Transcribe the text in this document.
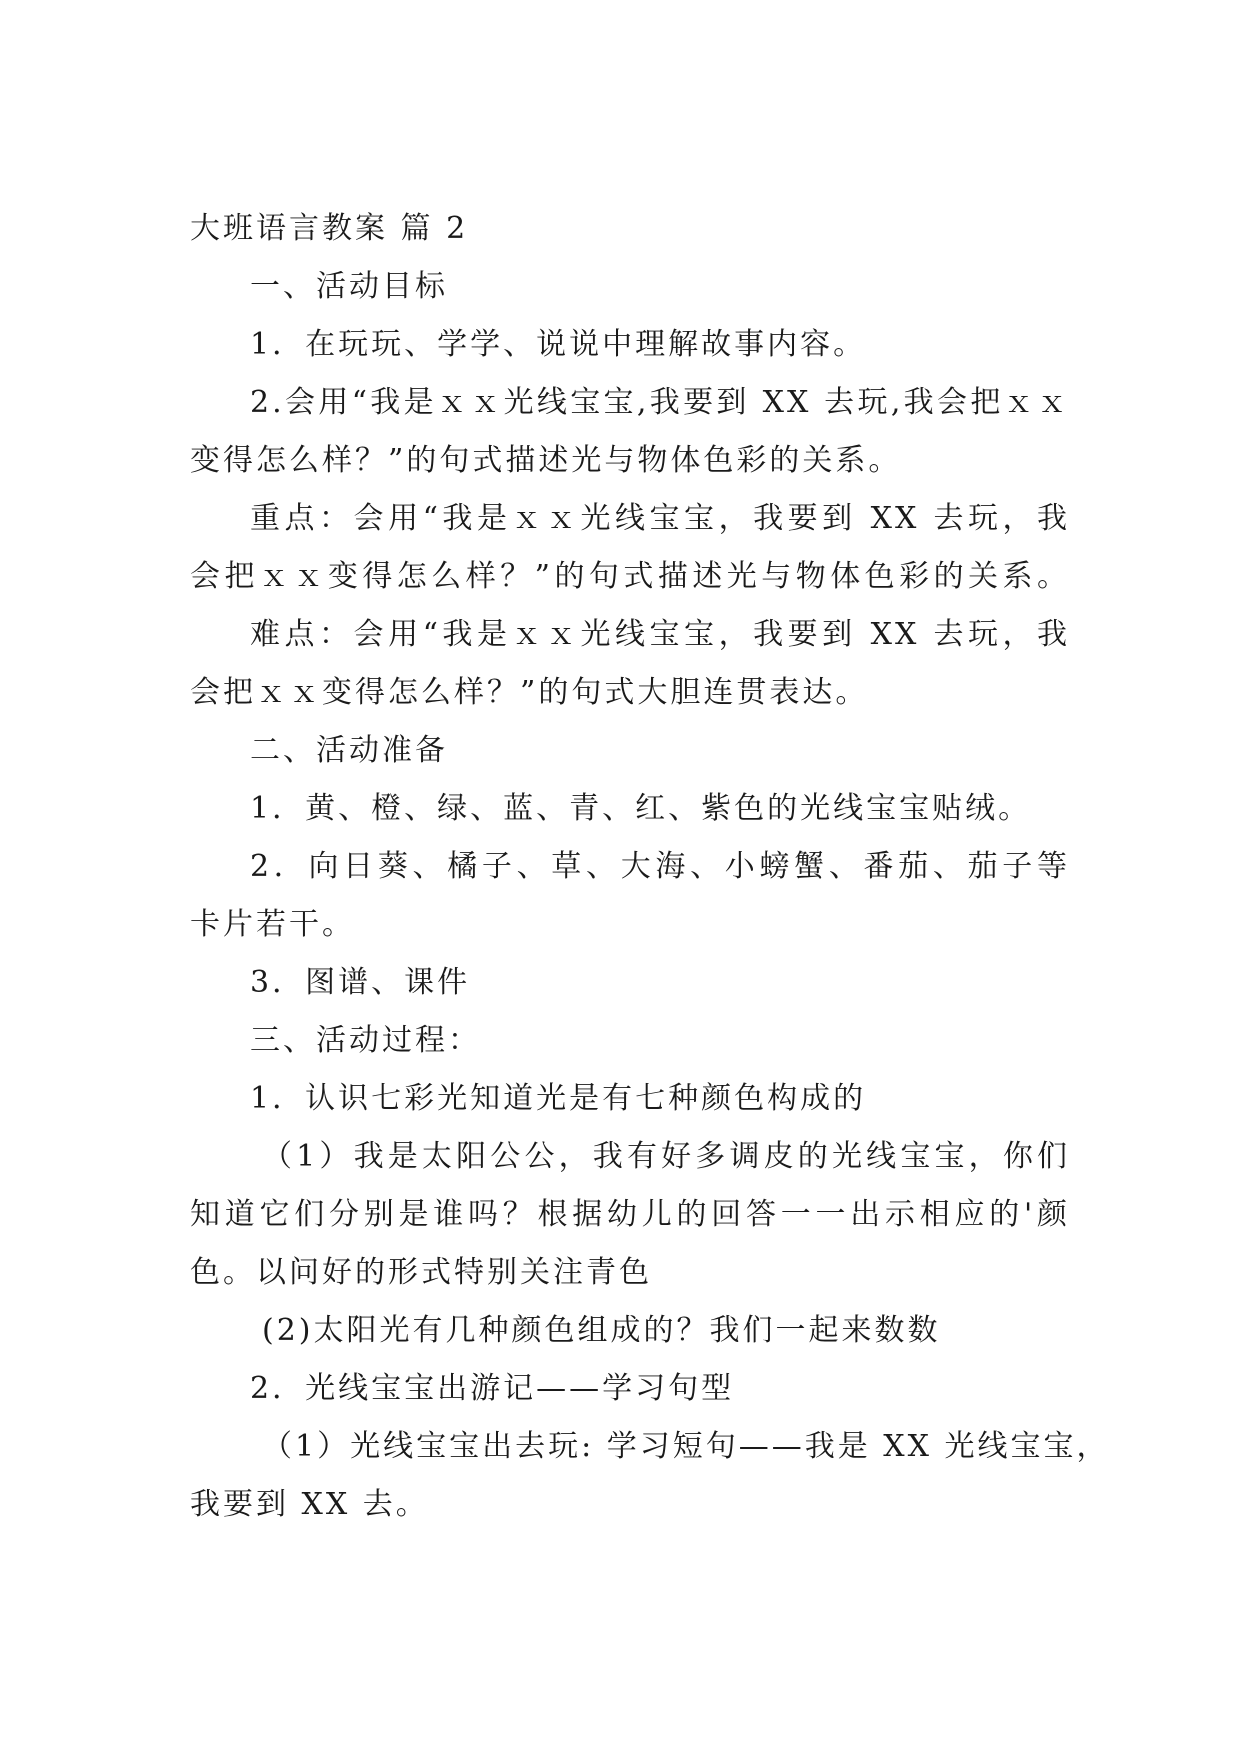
大班语言教案 篇 2
一、活动目标
1．在玩玩、学学、说说中理解故事内容。
2.会用“我是ｘｘ光线宝宝,我要到 XX 去玩,我会把ｘｘ
变得怎么样？”的句式描述光与物体色彩的关系。
重点：会用“我是ｘｘ光线宝宝，我要到 XX 去玩，我
会把ｘｘ变得怎么样？”的句式描述光与物体色彩的关系。
难点：会用“我是ｘｘ光线宝宝，我要到 XX 去玩，我
会把ｘｘ变得怎么样？”的句式大胆连贯表达。
二、活动准备
1．黄、橙、绿、蓝、青、红、紫色的光线宝宝贴绒。
2．向日葵、橘子、草、大海、小螃蟹、番茄、茄子等
卡片若干。
3．图谱、课件
三、活动过程：
1．认识七彩光知道光是有七种颜色构成的
（1）我是太阳公公，我有好多调皮的光线宝宝，你们
知道它们分别是谁吗？根据幼儿的回答一一出示相应的'颜
色。以问好的形式特别关注青色
(2)太阳光有几种颜色组成的？我们一起来数数
2．光线宝宝出游记——学习句型
（1）光线宝宝出去玩: 学习短句——我是 XX 光线宝宝，
我要到 XX 去。
